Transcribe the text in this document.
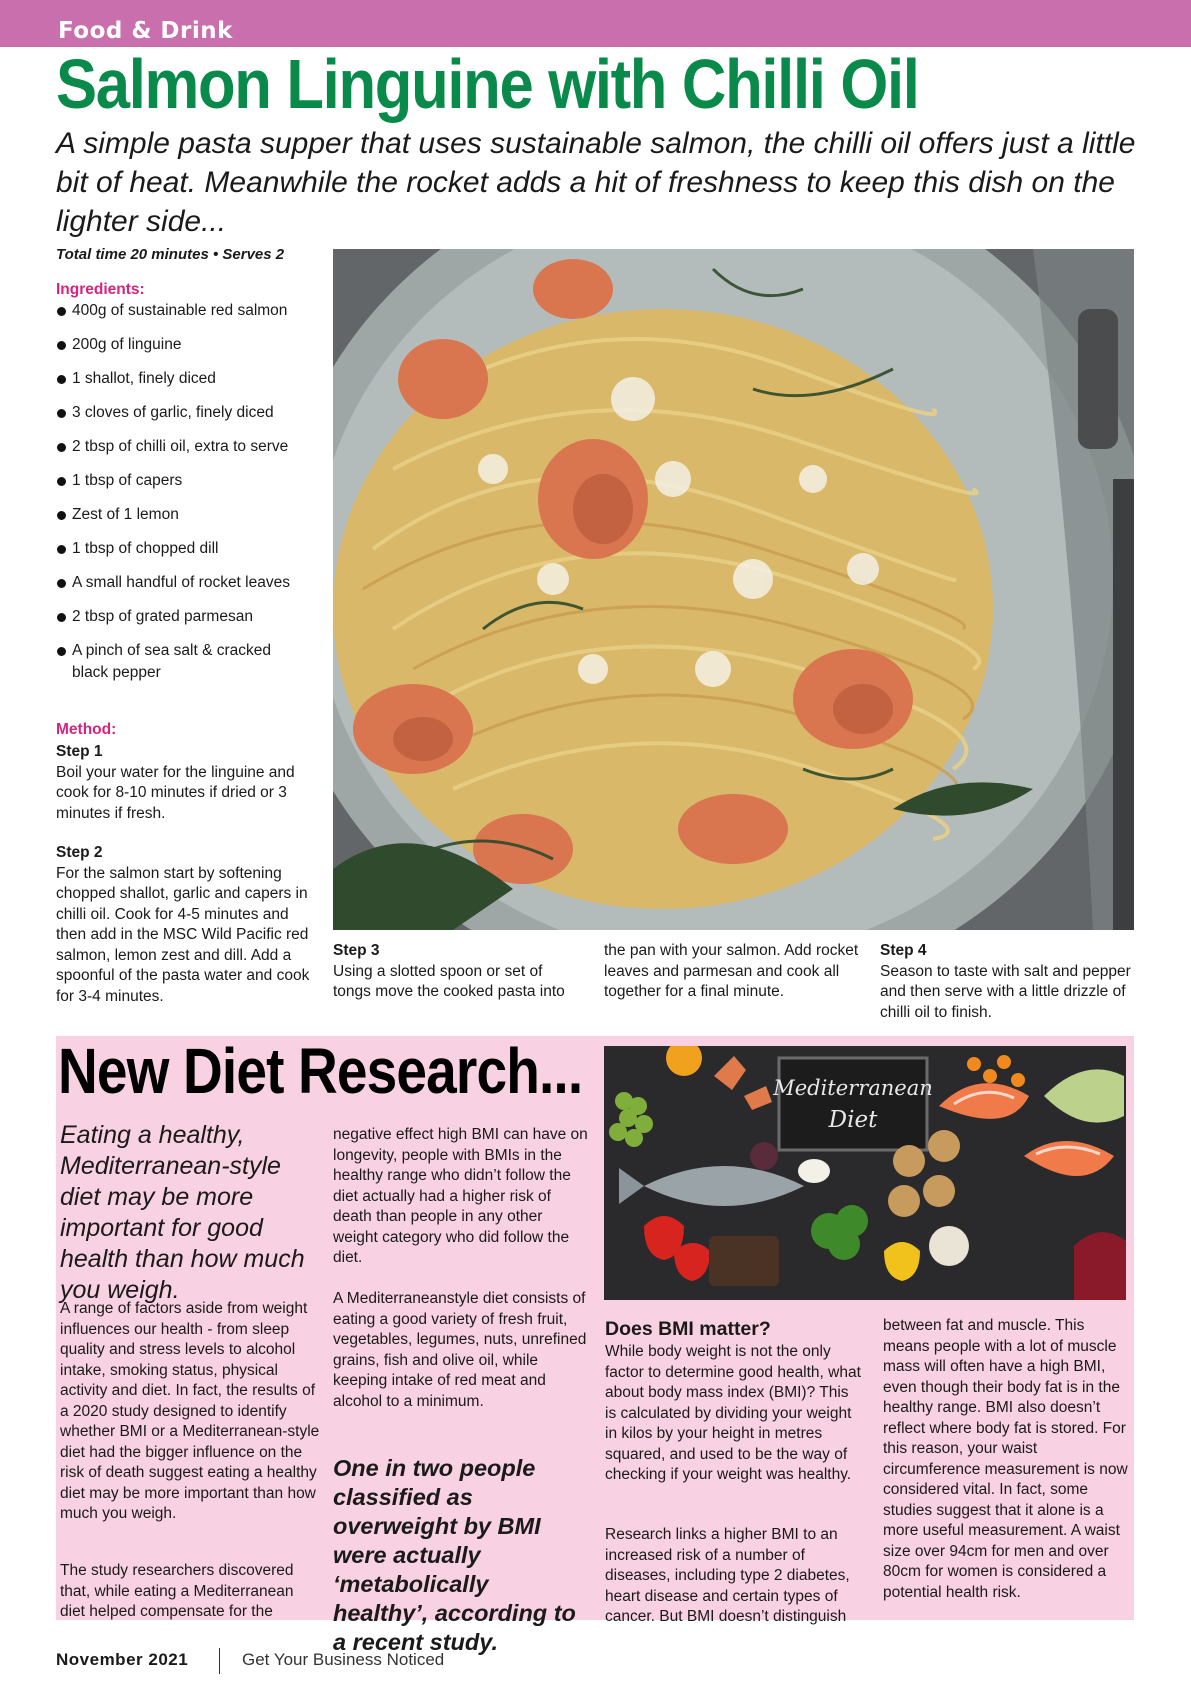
Food & Drink
Salmon Linguine with Chilli Oil
A simple pasta supper that uses sustainable salmon, the chilli oil offers just a little bit of heat. Meanwhile the rocket adds a hit of freshness to keep this dish on the lighter side...
Total time 20 minutes • Serves 2
Ingredients:
400g of sustainable red salmon
200g of linguine
1 shallot, finely diced
3 cloves of garlic, finely diced
2 tbsp of chilli oil, extra to serve
1 tbsp of capers
Zest of 1 lemon
1 tbsp of chopped dill
A small handful of rocket leaves
2 tbsp of grated parmesan
A pinch of sea salt & cracked black pepper
Method:
Step 1
Boil your water for the linguine and cook for 8-10 minutes if dried or 3 minutes if fresh.
Step 2
For the salmon start by softening chopped shallot, garlic and capers in chilli oil. Cook for 4-5 minutes and then add in the MSC Wild Pacific red salmon, lemon zest and dill. Add a spoonful of the pasta water and cook for 3-4 minutes.
Step 3
Using a slotted spoon or set of tongs move the cooked pasta into
the pan with your salmon. Add rocket leaves and parmesan and cook all together for a final minute.
Step 4
Season to taste with salt and pepper and then serve with a little drizzle of chilli oil to finish.
New Diet Research...
Eating a healthy, Mediterranean-style diet may be more important for good health than how much you weigh.
A range of factors aside from weight influences our health - from sleep quality and stress levels to alcohol intake, smoking status, physical activity and diet. In fact, the results of a 2020 study designed to identify whether BMI or a Mediterranean-style diet had the bigger influence on the risk of death suggest eating a healthy diet may be more important than how much you weigh.
The study researchers discovered that, while eating a Mediterranean diet helped compensate for the
negative effect high BMI can have on longevity, people with BMIs in the healthy range who didn’t follow the diet actually had a higher risk of death than people in any other weight category who did follow the diet.
A Mediterraneanstyle diet consists of eating a good variety of fresh fruit, vegetables, legumes, nuts, unrefined grains, fish and olive oil, while keeping intake of red meat and alcohol to a minimum.
One in two people classified as overweight by BMI were actually ‘metabolically healthy’, according to a recent study.
Mediterranean
Diet
Does BMI matter?
While body weight is not the only factor to determine good health, what about body mass index (BMI)? This is calculated by dividing your weight in kilos by your height in metres squared, and used to be the way of checking if your weight was healthy.
Research links a higher BMI to an increased risk of a number of diseases, including type 2 diabetes, heart disease and certain types of cancer. But BMI doesn’t distinguish
between fat and muscle. This means people with a lot of muscle mass will often have a high BMI, even though their body fat is in the healthy range. BMI also doesn’t reflect where body fat is stored. For this reason, your waist circumference measurement is now considered vital. In fact, some studies suggest that it alone is a more useful measurement. A waist size over 94cm for men and over 80cm for women is considered a potential health risk.
November 2021	Get Your Business Noticed
